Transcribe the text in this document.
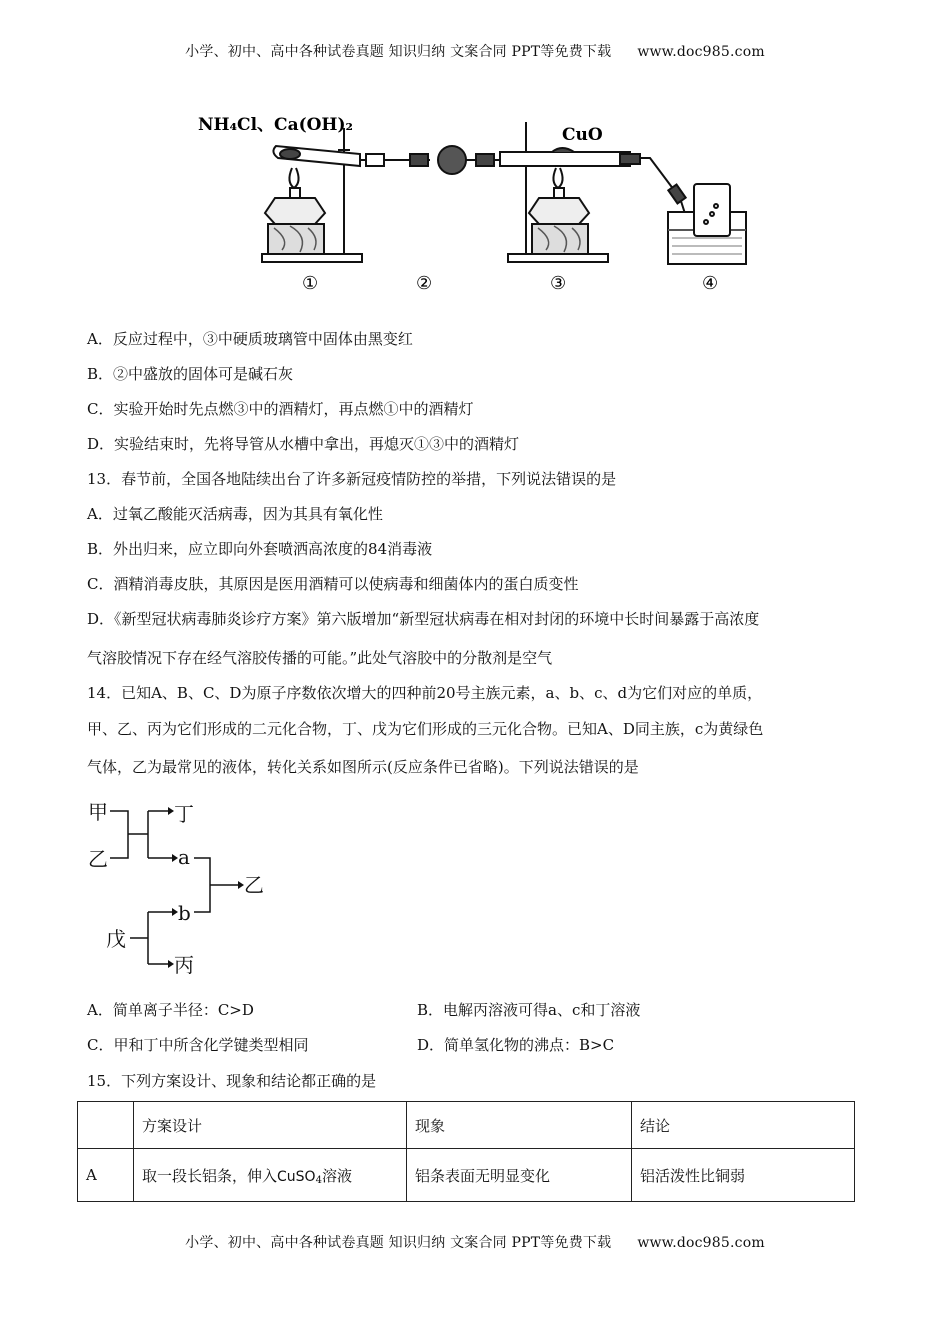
小学、初中、高中各种试卷真题 知识归纳 文案合同 PPT等免费下载 www.doc985.com
NH₄Cl、Ca(OH)₂	CuO
①	②	③	④
A．反应过程中，③中硬质玻璃管中固体由黑变红
B．②中盛放的固体可是碱石灰
C．实验开始时先点燃③中的酒精灯，再点燃①中的酒精灯
D．实验结束时，先将导管从水槽中拿出，再熄灭①③中的酒精灯
13．春节前，全国各地陆续出台了许多新冠疫情防控的举措，下列说法错误的是
A．过氧乙酸能灭活病毒，因为其具有氧化性
B．外出归来，应立即向外套喷洒高浓度的84消毒液
C．酒精消毒皮肤，其原因是医用酒精可以使病毒和细菌体内的蛋白质变性
D．《新型冠状病毒肺炎诊疗方案》第六版增加“新型冠状病毒在相对封闭的环境中长时间暴露于高浓度
气溶胶情况下存在经气溶胶传播的可能。”此处气溶胶中的分散剂是空气
14．已知A、B、C、D为原子序数依次增大的四种前20号主族元素，a、b、c、d为它们对应的单质，
甲、乙、丙为它们形成的二元化合物，丁、戊为它们形成的三元化合物。已知A、D同主族，c为黄绿色
气体，乙为最常见的液体，转化关系如图所示(反应条件已省略)。下列说法错误的是
甲
乙
丁
a
乙
b
戊
丙
A．简单离子半径：C>D	B．电解丙溶液可得a、c和丁溶液
C．甲和丁中所含化学键类型相同	D．简单氢化物的沸点：B>C
15．下列方案设计、现象和结论都正确的是
	方案设计	现象	结论
A	取一段长铝条，伸入CuSO$_4$溶液	铝条表面无明显变化	铝活泼性比铜弱
小学、初中、高中各种试卷真题 知识归纳 文案合同 PPT等免费下载 www.doc985.com
